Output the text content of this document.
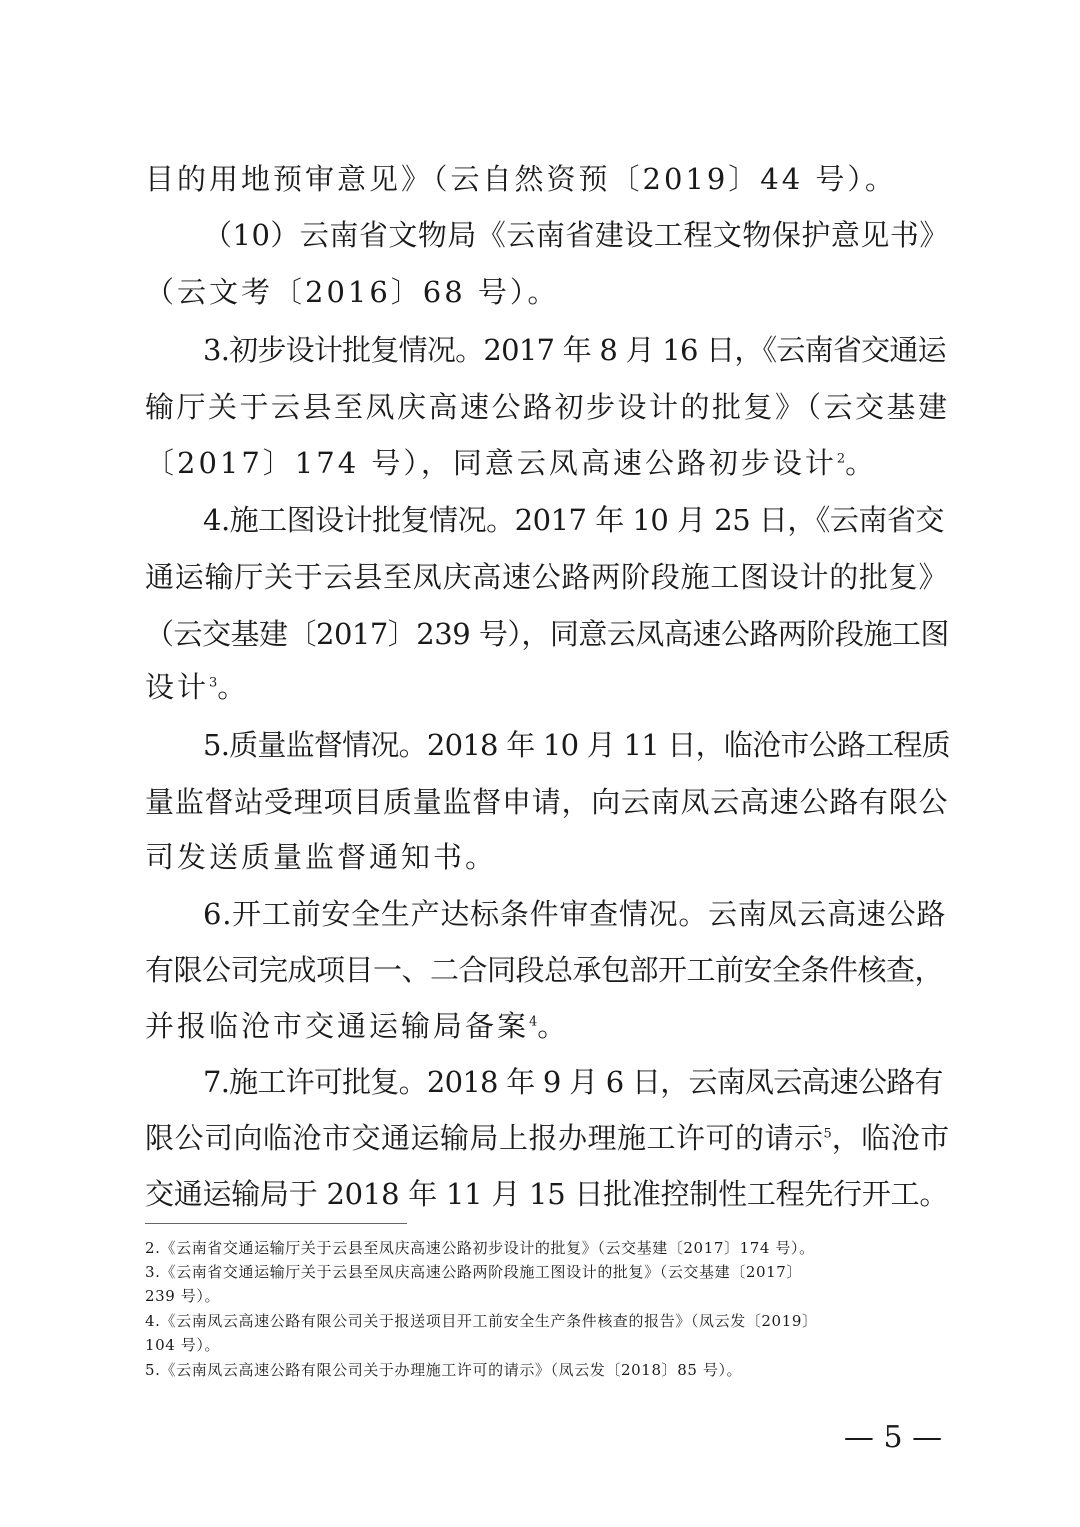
目的用地预审意见》（云自然资预〔2019〕44 号）。
（10）云南省文物局《云南省建设工程文物保护意见书》
（云文考〔2016〕68 号）。
3.初步设计批复情况。2017 年 8 月 16 日，《云南省交通运
输厅关于云县至凤庆高速公路初步设计的批复》（云交基建
〔2017〕174 号），同意云凤高速公路初步设计$^2$。
4.施工图设计批复情况。2017 年 10 月 25 日，《云南省交
通运输厅关于云县至凤庆高速公路两阶段施工图设计的批复》
（云交基建〔2017〕239 号），同意云凤高速公路两阶段施工图
设计$^3$。
5.质量监督情况。2018 年 10 月 11 日，临沧市公路工程质
量监督站受理项目质量监督申请，向云南凤云高速公路有限公
司发送质量监督通知书。
6.开工前安全生产达标条件审查情况。云南凤云高速公路
有限公司完成项目一、二合同段总承包部开工前安全条件核查，
并报临沧市交通运输局备案$^4$。
7.施工许可批复。2018 年 9 月 6 日，云南凤云高速公路有
限公司向临沧市交通运输局上报办理施工许可的请示$^5$，临沧市
交通运输局于 2018 年 11 月 15 日批准控制性工程先行开工。
2.《云南省交通运输厅关于云县至凤庆高速公路初步设计的批复》（云交基建〔2017〕174 号）。
3.《云南省交通运输厅关于云县至凤庆高速公路两阶段施工图设计的批复》（云交基建〔2017〕
239 号）。
4.《云南凤云高速公路有限公司关于报送项目开工前安全生产条件核查的报告》（凤云发〔2019〕
104 号）。
5.《云南凤云高速公路有限公司关于办理施工许可的请示》（凤云发〔2018〕85 号）。
— 5 —
